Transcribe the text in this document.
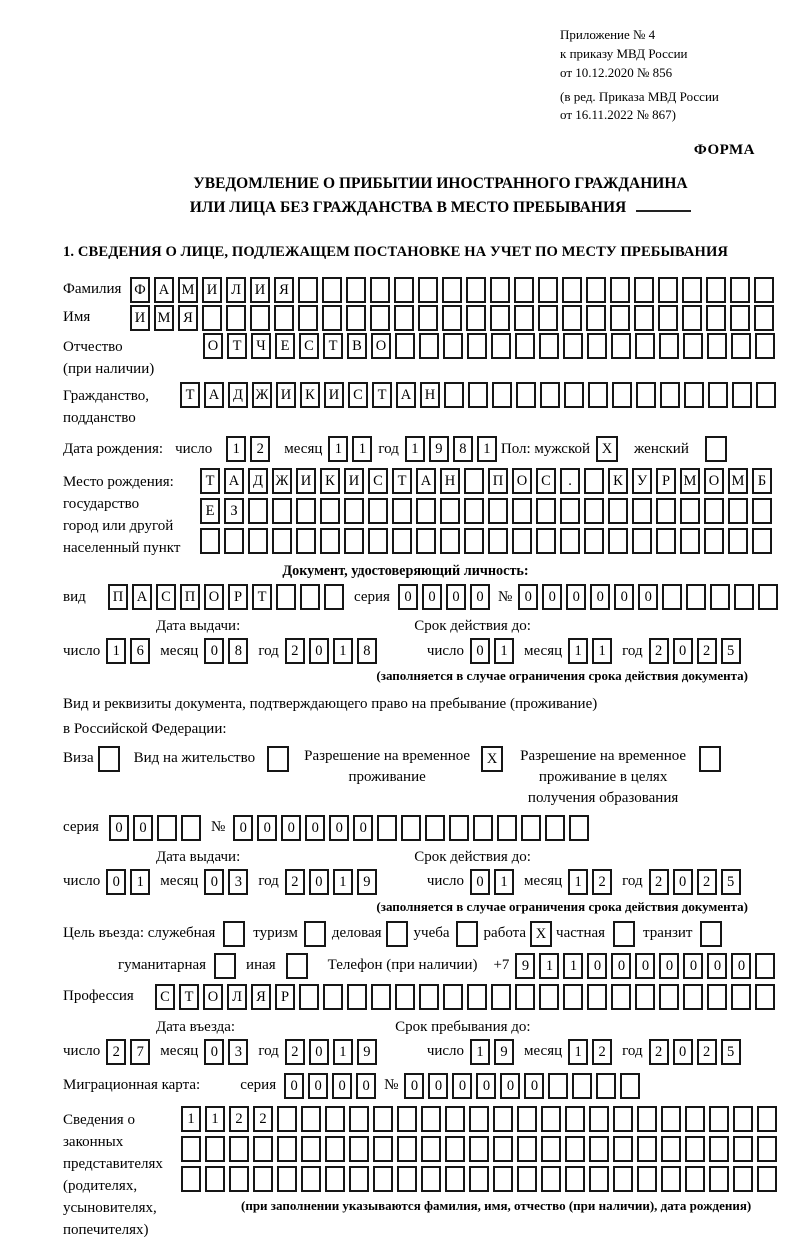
Приложение № 4
к приказу МВД России
от 10.12.2020 № 856
(в ред. Приказа МВД России
от 16.11.2022 № 867)
ФОРМА
УВЕДОМЛЕНИЕ О ПРИБЫТИИ ИНОСТРАННОГО ГРАЖДАНИНА
ИЛИ ЛИЦА БЕЗ ГРАЖДАНСТВА В МЕСТО ПРЕБЫВАНИЯ
1. СВЕДЕНИЯ О ЛИЦЕ, ПОДЛЕЖАЩЕМ ПОСТАНОВКЕ НА УЧЕТ ПО МЕСТУ ПРЕБЫВАНИЯ
Фамилия Ф А М И Л И Я
Имя	И М Я
Отчество
(при наличии)
О Т	Ч	Е	С	Т	В О
Гражданство,
подданство
Т А Д Ж И К И С	Т А Н
Дата рождения: число	1	2	месяц 1	1 год 1	9	8	1 Пол: мужской X	женский
Место рождения:
государство
город или другой
населенный пункт
Т А Д Ж И К И С	Т А Н	П О С	.	К У	Р М О М Б
Е	З
Документ, удостоверяющий личность:
вид	П А С П О	Р	Т	серия 0	0	0	0 № 0	0	0	0	0	0
Дата выдачи:	Срок действия до:
число 1	6	месяц 0	8	год 2	0	1	8	число 0	1	месяц 1	1	год 2	0	2	5
(заполняется в случае ограничения срока действия документа)
Вид и реквизиты документа, подтверждающего право на пребывание (проживание)
в Российской Федерации:
Виза	Вид на жительство	Разрешение на временное
проживание
X	Разрешение на временное
проживание в целях
получения образования
серия	0	0	№ 0	0	0	0	0	0
Дата выдачи:	Срок действия до:
число 0	1	месяц 0	3	год 2	0	1	9	число 0	1	месяц 1	2	год 2	0	2	5
(заполняется в случае ограничения срока действия документа)
Цель въезда: служебная	туризм деловая учеба работа X частная	транзит
гуманитарная	иная	Телефон (при наличии) +7 9	1	1	0	0	0	0	0	0	0
Профессия	С	Т О Л Я	Р
Дата въезда:	Срок пребывания до:
число 2	7	месяц 0	3	год 2	0	1	9	число 1	9	месяц 1	2	год 2	0	2	5
Миграционная карта:	серия 0	0	0	0 № 0	0	0	0	0	0
Сведения о
законных
представителях
(родителях,
усыновителях,
попечителях)
1	1	2	2
(при заполнении указываются фамилия, имя, отчество (при наличии), дата рождения)
